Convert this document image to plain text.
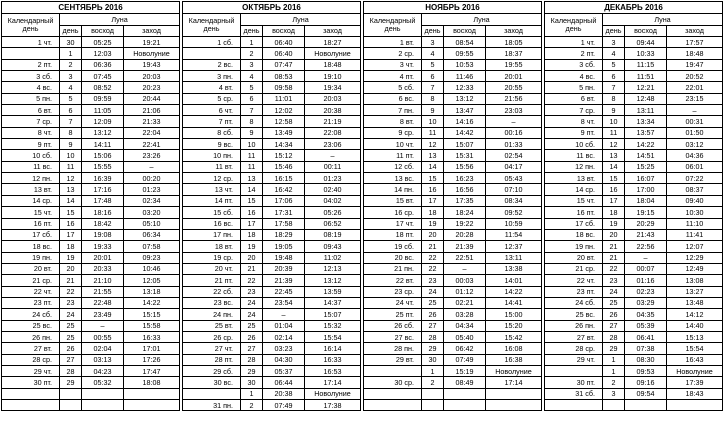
СЕНТЯБРЬ 2016			
Календарный день	Луна		
	день	восход	заход
1 чт.	30	05:25	19:21
	1	12:03	Новолуние
2 пт.	2	06:36	19:43
3 сб.	3	07:45	20:03
4 вс.	4	08:52	20:23
5 пн.	5	09:59	20:44
6 вт.	6	11:05	21:06
7 ср.	7	12:09	21:33
8 чт.	8	13:12	22:04
9 пт.	9	14:11	22:41
10 сб.	10	15:06	23:26
11 вс.	11	15:55	–
12 пн.	12	16:39	00:20
13 вт.	13	17:16	01:23
14 ср.	14	17:48	02:34
15 чт.	15	18:16	03:20
16 пт.	16	18:42	05:10
17 сб.	17	19:08	06:34
18 вс.	18	19:33	07:58
19 пн.	19	20:01	09:23
20 вт.	20	20:33	10:46
21 ср.	21	21:10	12:05
22 чт.	22	21:55	13:18
23 пт.	23	22:48	14:22
24 сб.	24	23:49	15:15
25 вс.	25	–	15:58
26 пн.	25	00:55	16:33
27 вт.	26	02:04	17:01
28 ср.	27	03:13	17:26
29 чт.	28	04:23	17:47
30 пт.	29	05:32	18:08

ОКТЯБРЬ 2016			
Календарный день	Луна		
	день	восход	заход
1 сб.	1	06:40	18:27
	2	06:40	Новолуние
2 вс.	3	07:47	18:48
3 пн.	4	08:53	19:10
4 вт.	5	09:58	19:34
5 ср.	6	11:01	20:03
6 чт.	7	12:02	20:38
7 пт.	8	12:58	21:19
8 сб.	9	13:49	22:08
9 вс.	10	14:34	23:06
10 пн.	11	15:12	–
11 вт.	11	15:46	00:11
12 ср.	13	16:15	01:23
13 чт.	14	16:42	02:40
14 пт.	15	17:06	04:02
15 сб.	16	17:31	05:26
16 вс.	17	17:58	06:52
17 пн.	18	18:29	08:19
18 вт.	19	19:05	09:43
19 ср.	20	19:48	11:02
20 чт.	21	20:39	12:13
21 пт.	22	21:39	13:12
22 сб.	23	22:45	13:59
23 вс.	24	23:54	14:37
24 пн.	24	–	15:07
25 вт.	25	01:04	15:32
26 ср.	26	02:14	15:54
27 чт.	27	03:23	16:14
28 пт.	28	04:30	16:33
29 сб.	29	05:37	16:53
30 вс.	30	06:44	17:14
	1	20:38	Новолуние
31 пн.	2	07:49	17:38
НОЯБРЬ 2016			
Календарный день	Луна		
	день	восход	заход
1 вт.	3	08:54	18:05
2 ср.	4	09:55	18:37
3 чт.	5	10:53	19:55
4 пт.	6	11:46	20:01
5 сб.	7	12:33	20:55
6 вс.	8	13:12	21:56
7 пн.	9	13:47	23:03
8 вт.	10	14:16	–
9 ср.	11	14:42	00:16
10 чт.	12	15:07	01:33
11 пт.	13	15:31	02:54
12 сб.	14	15:56	04:17
13 вс.	15	16:23	05:43
14 пн.	16	16:56	07:10
15 вт.	17	17:35	08:34
16 ср.	18	18:24	09:52
17 чт.	19	19:22	10:59
18 пт.	20	20:28	11:54
19 сб.	21	21:39	12:37
20 вс.	22	22:51	13:11
21 пн.	22	–	13:38
22 вт.	23	00:03	14:01
23 ср.	24	01:12	14:22
24 чт.	25	02:21	14:41
25 пт.	26	03:28	15:00
26 сб.	27	04:34	15:20
27 вс.	28	05:40	15:42
28 пн.	29	06:42	16:08
29 вт.	30	07:49	16:38
	1	15:19	Новолуние
30 ср.	2	08:49	17:14

ДЕКАБРЬ 2016			
Календарный день	Луна		
	день	восход	заход
1 чт.	3	09:44	17:57
2 пт.	4	10:33	18:48
3 сб.	5	11:15	19:47
4 вс.	6	11:51	20:52
5 пн.	7	12:21	22:01
6 вт.	8	12:48	23:15
7 ср.	9	13:11	–
8 чт.	10	13:34	00:31
9 пт.	11	13:57	01:50
10 сб.	12	14:22	03:12
11 вс.	13	14:51	04:36
12 пн.	14	15:25	06:01
13 вт.	15	16:07	07:22
14 ср.	16	17:00	08:37
15 чт.	17	18:04	09:40
16 пт.	18	19:15	10:30
17 сб.	19	20:29	11:10
18 вс.	20	21:43	11:41
19 пн.	21	22:56	12:07
20 вт.	21	–	12:29
21 ср.	22	00:07	12:49
22 чт.	23	01:16	13:08
23 пт.	24	02:23	13:27
24 сб.	25	03:29	13:48
25 вс.	26	04:35	14:12
26 пн.	27	05:39	14:40
27 вт.	28	06:41	15:13
28 ср.	29	07:38	15:54
29 чт.	1	08:30	16:43
	1	09:53	Новолуние
30 пт.	2	09:16	17:39
31 сб.	3	09:54	18:43
